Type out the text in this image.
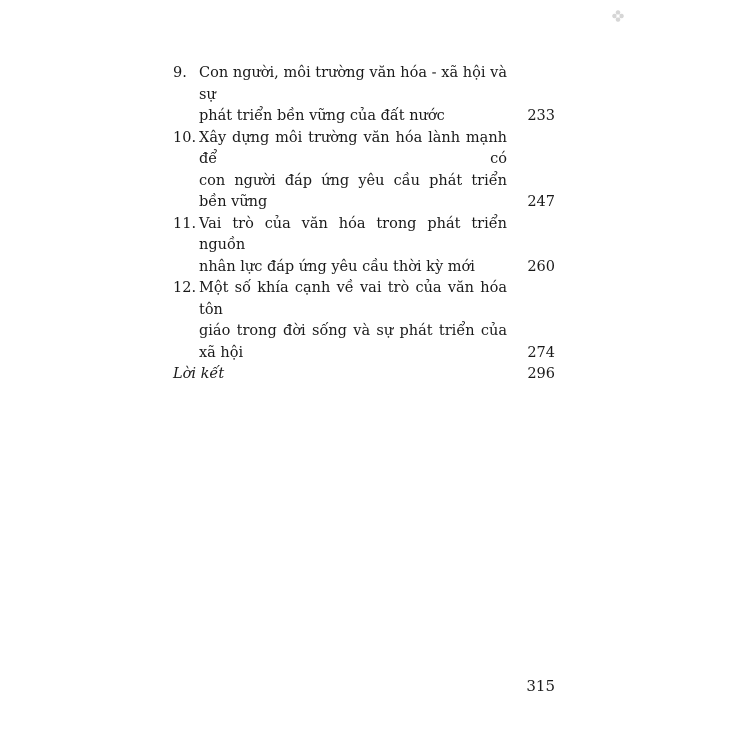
9. Con người, môi trường văn hóa - xã hội và sự
phát triển bền vững của đất nước	233
10. Xây dựng môi trường văn hóa lành mạnh để có
con người đáp ứng yêu cầu phát triển bền vững	247
11. Vai trò của văn hóa trong phát triển nguồn
nhân lực đáp ứng yêu cầu thời kỳ mới	260
12. Một số khía cạnh về vai trò của văn hóa tôn
giáo trong đời sống và sự phát triển của xã hội	274
Lời kết	296
315
